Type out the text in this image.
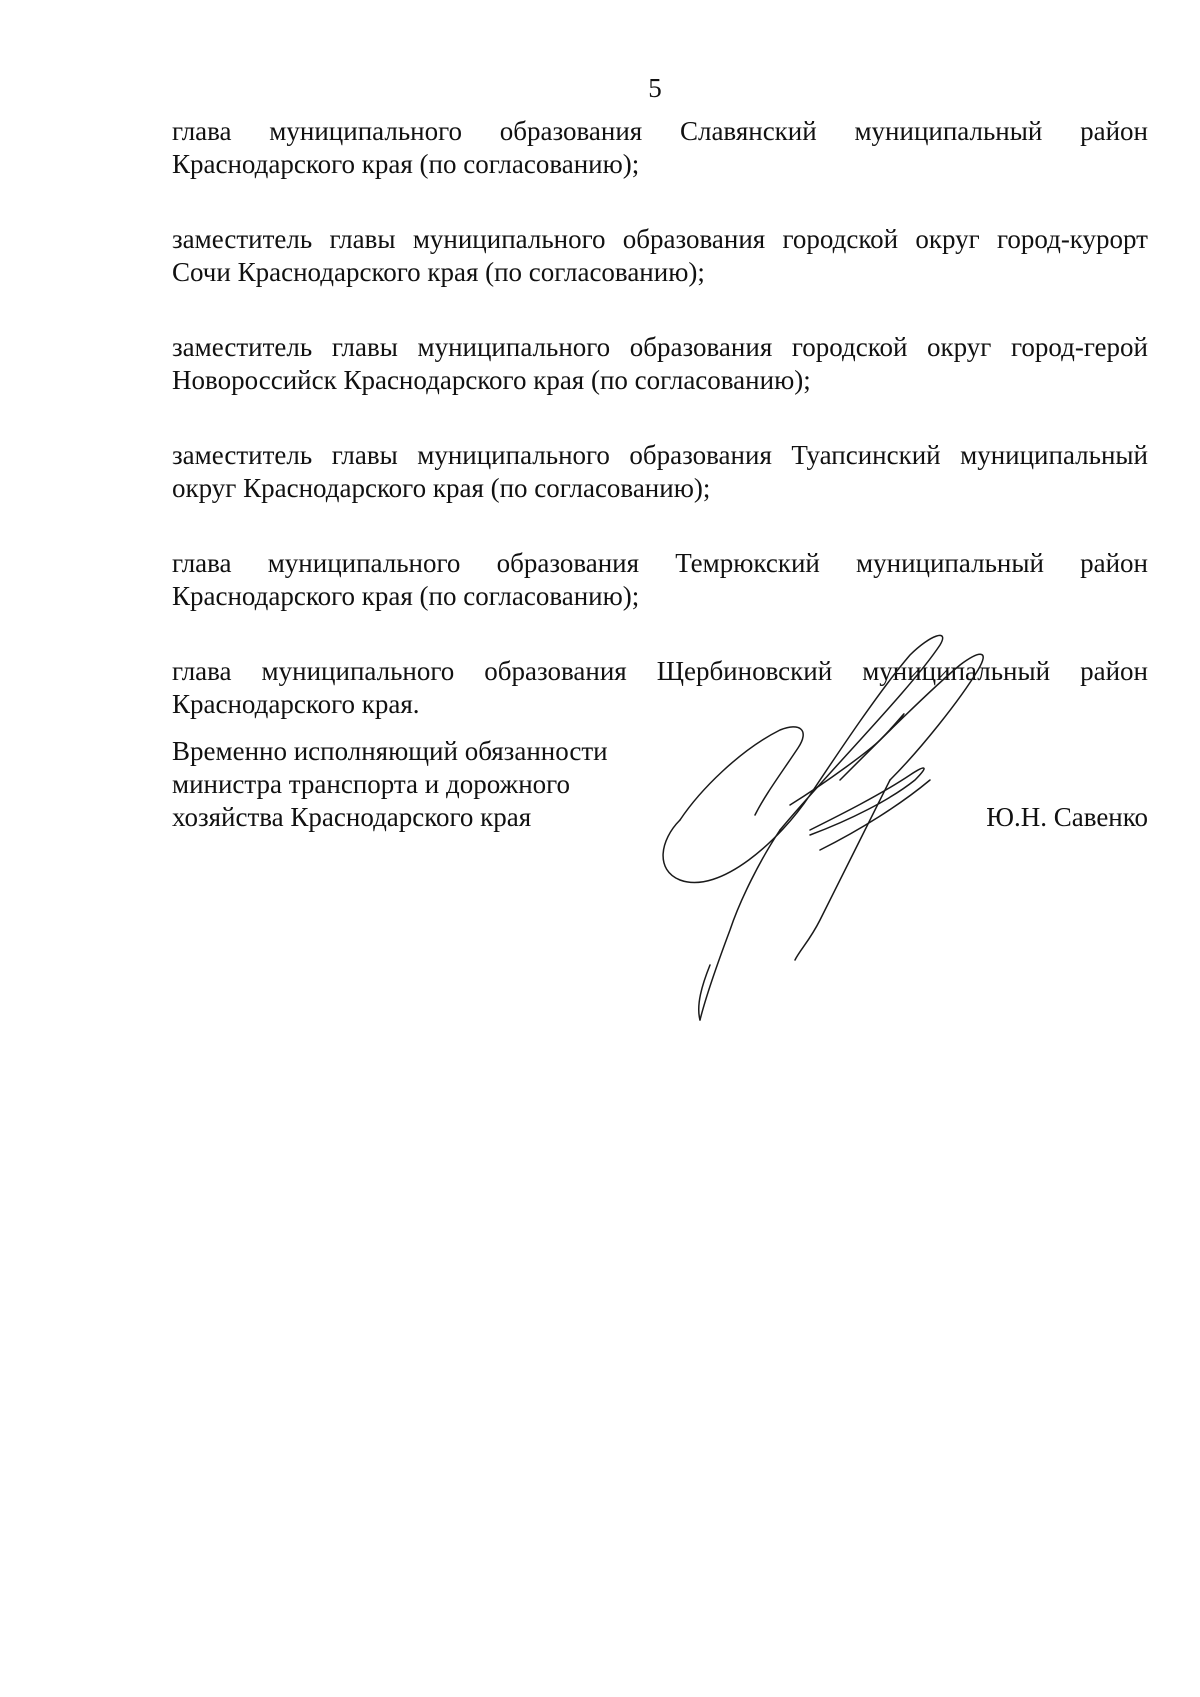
5

глава муниципального образования Славянский муниципальный район Краснодарского края (по согласованию);

заместитель главы муниципального образования городской округ город-курорт Сочи Краснодарского края (по согласованию);

заместитель главы муниципального образования городской округ город-герой Новороссийск Краснодарского края (по согласованию);

заместитель главы муниципального образования Туапсинский муниципальный округ Краснодарского края (по согласованию);

глава муниципального образования Темрюкский муниципальный район Краснодарского края (по согласованию);

глава муниципального образования Щербиновский муниципальный район Краснодарского края.

Временно исполняющий обязанности
министра транспорта и дорожного
хозяйства Краснодарского края	Ю.Н. Савенко
